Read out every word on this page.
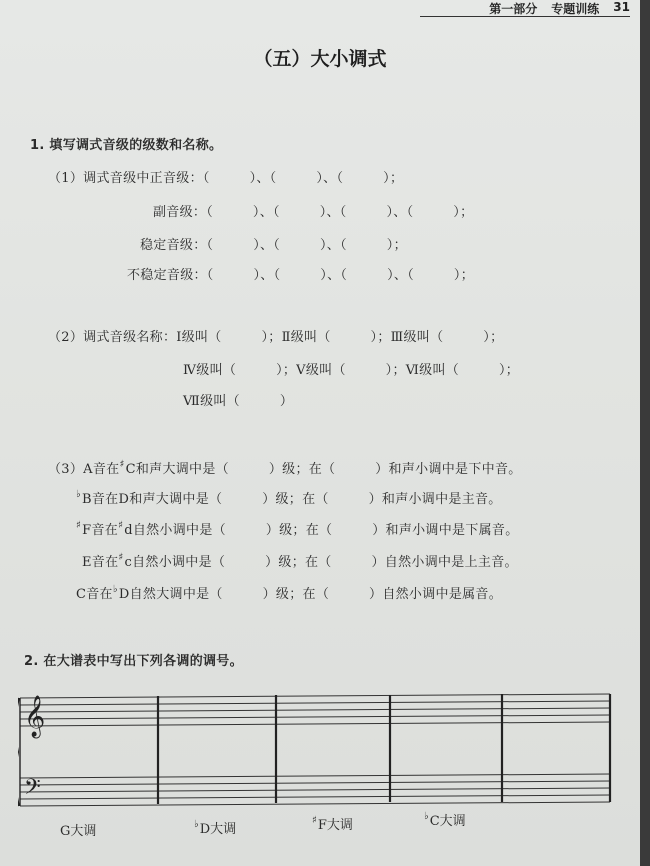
第一部分 专题训练 31
（五）大小调式
1. 填写调式音级的级数和名称。
（1）调式音级中正音级：（　　　）、（　　　）、（　　　）；
副音级：（　　　）、（　　　）、（　　　）、（　　　）；
稳定音级：（　　　）、（　　　）、（　　　）；
不稳定音级：（　　　）、（　　　）、（　　　）、（　　　）；
（2）调式音级名称：Ⅰ级叫（　　　）；Ⅱ级叫（　　　）；Ⅲ级叫（　　　）；
Ⅳ级叫（　　　）；Ⅴ级叫（　　　）；Ⅵ级叫（　　　）；
Ⅶ级叫（　　　）
（3）A音在♯C和声大调中是（　　　）级；在（　　　）和声小调中是下中音。
♭B音在D和声大调中是（　　　）级；在（　　　）和声小调中是主音。
♯F音在♯d自然小调中是（　　　）级；在（　　　）和声小调中是下属音。
E音在♯c自然小调中是（　　　）级；在（　　　）自然小调中是上主音。
C音在♭D自然大调中是（　　　）级；在（　　　）自然小调中是属音。
2. 在大谱表中写出下列各调的调号。
𝄞
𝄢
G大调	♭D大调
♯F大调
♭C大调
